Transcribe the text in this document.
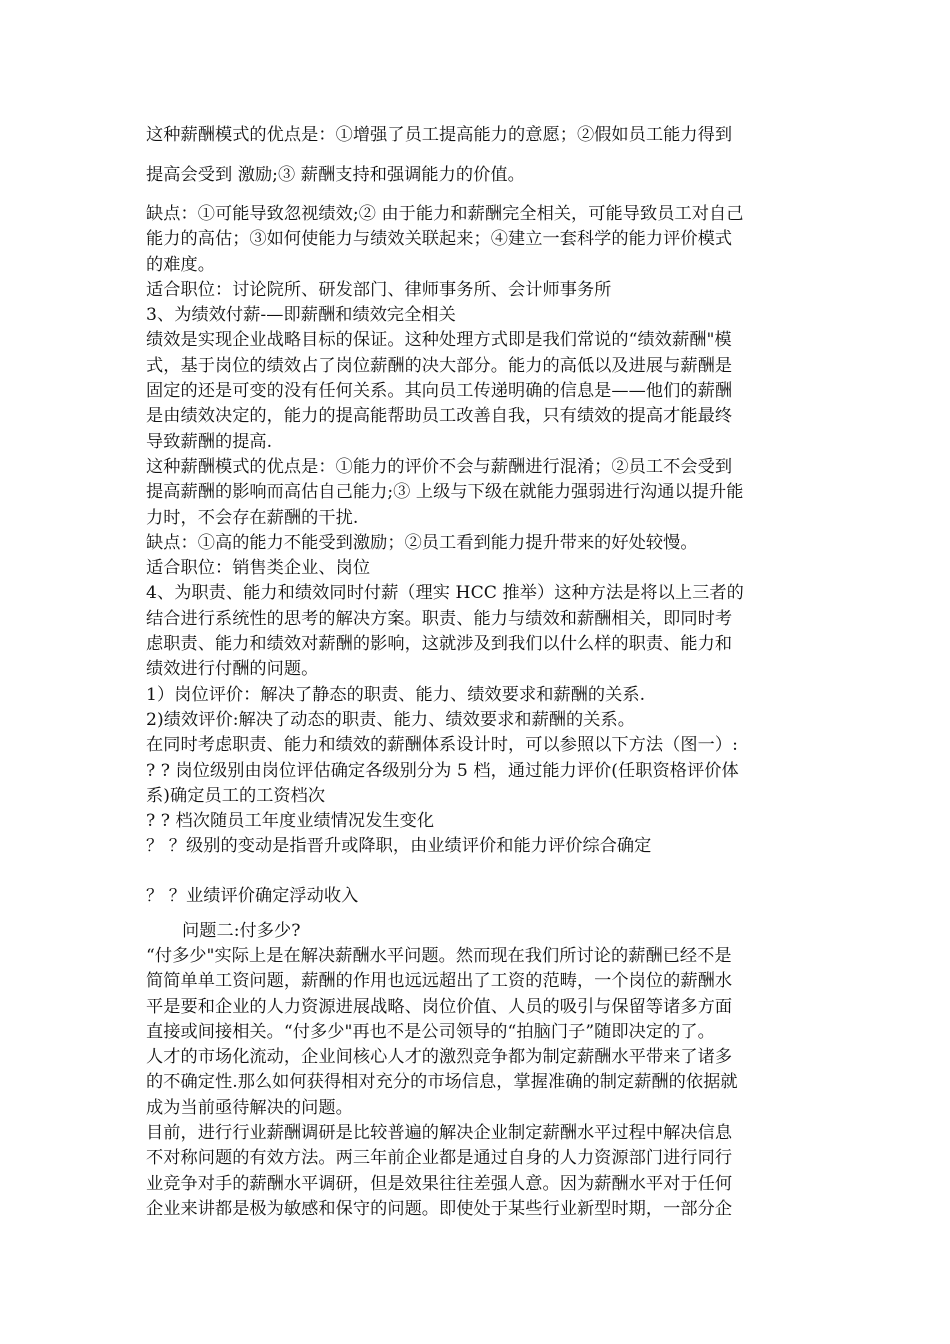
这种薪酬模式的优点是：①增强了员工提高能力的意愿；②假如员工能力得到
提高会受到 激励;③ 薪酬支持和强调能力的价值。
缺点：①可能导致忽视绩效;② 由于能力和薪酬完全相关，可能导致员工对自己
能力的高估；③如何使能力与绩效关联起来；④建立一套科学的能力评价模式
的难度。
适合职位：讨论院所、研发部门、律师事务所、会计师事务所
3、为绩效付薪-—即薪酬和绩效完全相关
绩效是实现企业战略目标的保证。这种处理方式即是我们常说的“绩效薪酬"模
式，基于岗位的绩效占了岗位薪酬的决大部分。能力的高低以及进展与薪酬是
固定的还是可变的没有任何关系。其向员工传递明确的信息是——他们的薪酬
是由绩效决定的，能力的提高能帮助员工改善自我，只有绩效的提高才能最终
导致薪酬的提高.
这种薪酬模式的优点是：①能力的评价不会与薪酬进行混淆；②员工不会受到
提高薪酬的影响而高估自己能力;③ 上级与下级在就能力强弱进行沟通以提升能
力时，不会存在薪酬的干扰.
缺点：①高的能力不能受到激励；②员工看到能力提升带来的好处较慢。
适合职位：销售类企业、岗位
4、为职责、能力和绩效同时付薪（理实 HCC 推举）这种方法是将以上三者的
结合进行系统性的思考的解决方案。职责、能力与绩效和薪酬相关，即同时考
虑职责、能力和绩效对薪酬的影响，这就涉及到我们以什么样的职责、能力和
绩效进行付酬的问题。
1）岗位评价：解决了静态的职责、能力、绩效要求和薪酬的关系.
2)绩效评价:解决了动态的职责、能力、绩效要求和薪酬的关系。
在同时考虑职责、能力和绩效的薪酬体系设计时，可以参照以下方法（图一）:
? ? 岗位级别由岗位评估确定各级别分为 5 档，通过能力评价(任职资格评价体
系)确定员工的工资档次
? ? 档次随员工年度业绩情况发生变化
？ ？级别的变动是指晋升或降职，由业绩评价和能力评价综合确定
？ ？业绩评价确定浮动收入
问题二:付多少?
“付多少"实际上是在解决薪酬水平问题。然而现在我们所讨论的薪酬已经不是
简简单单工资问题，薪酬的作用也远远超出了工资的范畴，一个岗位的薪酬水
平是要和企业的人力资源进展战略、岗位价值、人员的吸引与保留等诸多方面
直接或间接相关。“付多少"再也不是公司领导的“拍脑门子”随即决定的了。
人才的市场化流动，企业间核心人才的激烈竞争都为制定薪酬水平带来了诸多
的不确定性.那么如何获得相对充分的市场信息，掌握准确的制定薪酬的依据就
成为当前亟待解决的问题。
目前，进行行业薪酬调研是比较普遍的解决企业制定薪酬水平过程中解决信息
不对称问题的有效方法。两三年前企业都是通过自身的人力资源部门进行同行
业竞争对手的薪酬水平调研，但是效果往往差强人意。因为薪酬水平对于任何
企业来讲都是极为敏感和保守的问题。即使处于某些行业新型时期，一部分企
